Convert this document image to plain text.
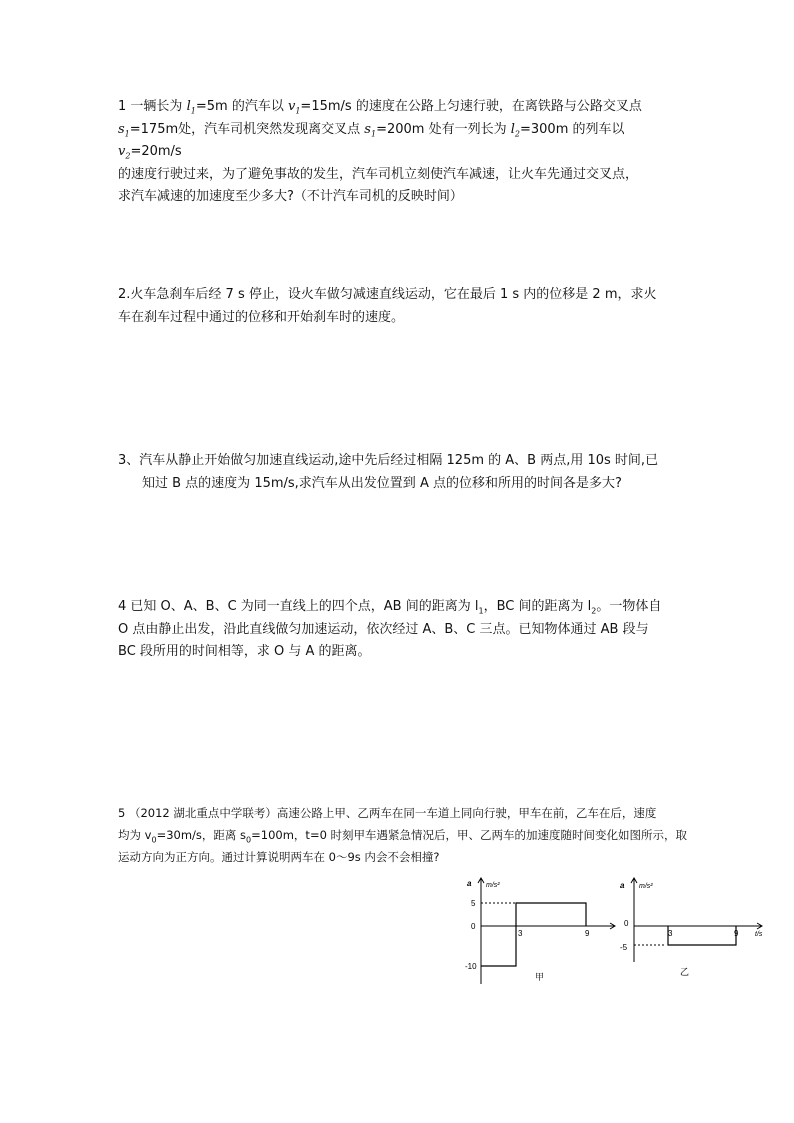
1 一辆长为 $l_1=5m$ 的汽车以 $v_1=15m/s$ 的速度在公路上匀速行驶，在离铁路与公路交叉点

$s_1=175m$处，汽车司机突然发现离交叉点 $s_1=200m$ 处有一列长为 $l_2=300m$ 的列车以 $v_2=20m/s$

的速度行驶过来，为了避免事故的发生，汽车司机立刻使汽车减速，让火车先通过交叉点，

求汽车减速的加速度至少多大?（不计汽车司机的反映时间）

2.火车急刹车后经 7 s 停止，设火车做匀减速直线运动，它在最后 1 s 内的位移是 2 m，求火

车在刹车过程中通过的位移和开始刹车时的速度。

3、汽车从静止开始做匀加速直线运动,途中先后经过相隔 125m 的 A、B 两点,用 10s 时间,已

知过 B 点的速度为 15m/s,求汽车从出发位置到 A 点的位移和所用的时间各是多大?

4 已知 O、A、B、C 为同一直线上的四个点，AB 间的距离为 $l_1$，BC 间的距离为 $l_2$。一物体自

O 点由静止出发，沿此直线做匀加速运动，依次经过 A、B、C 三点。已知物体通过 AB 段与

BC 段所用的时间相等，求 O 与 A 的距离。

5 （2012 湖北重点中学联考）高速公路上甲、乙两车在同一车道上同向行驶，甲车在前，乙车在后，速度

均为 $v_0=30m/s$，距离 $s_0=100m$，t=0 时刻甲车遇紧急情况后，甲、乙两车的加速度随时间变化如图所示，取

运动方向为正方向。通过计算说明两车在 0～9s 内会不会相撞?

a m/s²
5
0
-10
3	9
甲
a m/s²
0
-5
3	9 t/s
乙
